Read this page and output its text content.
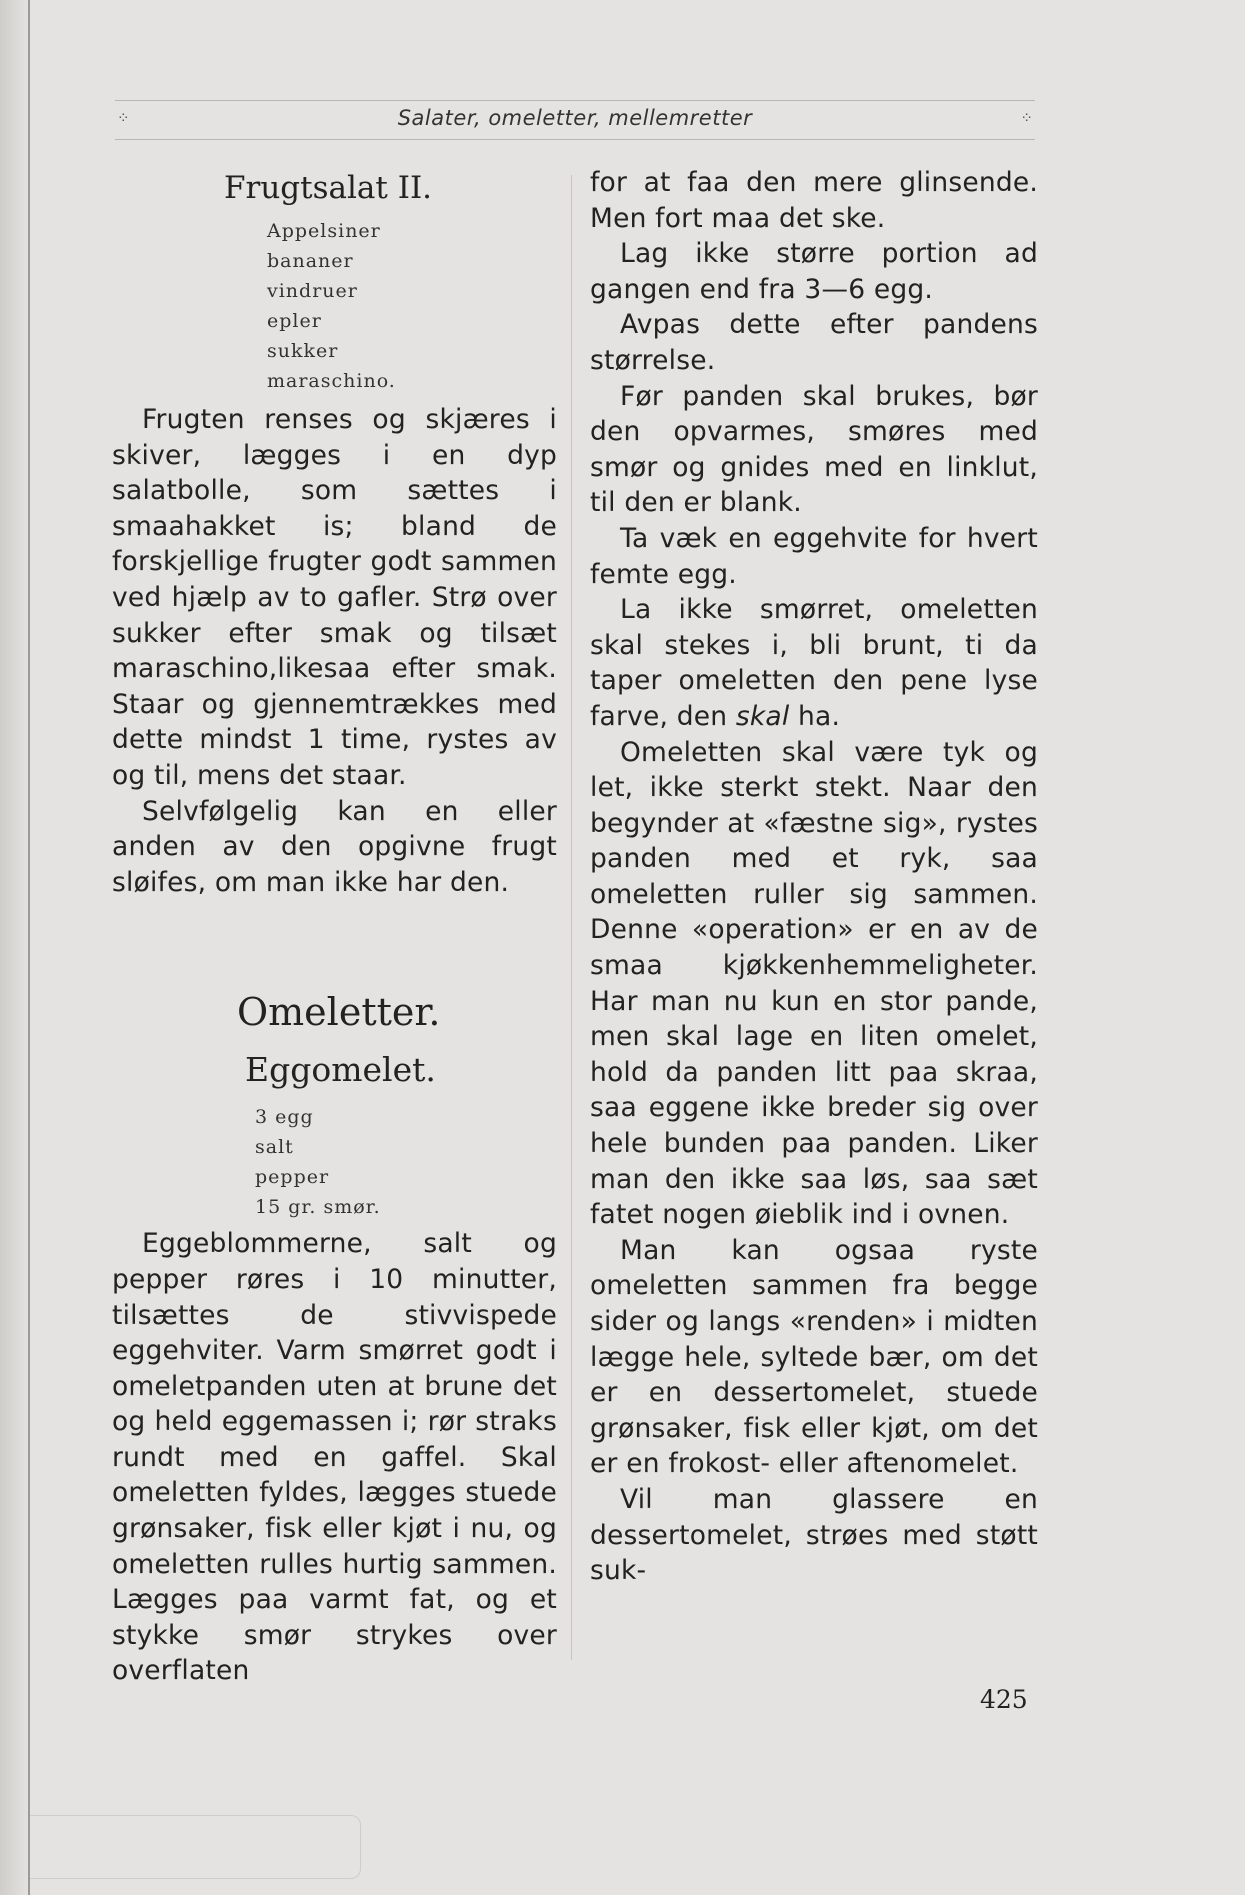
⁘	Salater, omeletter, mellemretter	⁘
Frugtsalat II.
Appelsiner
bananer
vindruer
epler
sukker
maraschino.

Frugten renses og skjæres i skiver, lægges i en dyp salatbolle, som sættes i smaahakket is; bland de forskjellige frugter godt sammen ved hjælp av to gafler. Strø over sukker efter smak og tilsæt maraschino,likesaa efter smak. Staar og gjennemtrækkes med dette mindst 1 time, rystes av og til, mens det staar.

Selvfølgelig kan en eller anden av den opgivne frugt sløifes, om man ikke har den.

Omeletter.
Eggomelet.
3 egg
salt
pepper
15 gr. smør.

Eggeblommerne, salt og pepper røres i 10 minutter, tilsættes de stivvispede eggehviter. Varm smørret godt i omeletpanden uten at brune det og held eggemassen i; rør straks rundt med en gaffel. Skal omeletten fyldes, lægges stuede grønsaker, fisk eller kjøt i nu, og omeletten rulles hurtig sammen. Lægges paa varmt fat, og et stykke smør strykes over overflaten

for at faa den mere glinsende. Men fort maa det ske.

Lag ikke større portion ad gangen end fra 3—6 egg.

Avpas dette efter pandens størrelse.

Før panden skal brukes, bør den opvarmes, smøres med smør og gnides med en linklut, til den er blank.

Ta væk en eggehvite for hvert femte egg.

La ikke smørret, omeletten skal stekes i, bli brunt, ti da taper omeletten den pene lyse farve, den skal ha.

Omeletten skal være tyk og let, ikke sterkt stekt. Naar den begynder at «fæstne sig», rystes panden med et ryk, saa omeletten ruller sig sammen. Denne «operation» er en av de smaa kjøkkenhemmeligheter. Har man nu kun en stor pande, men skal lage en liten omelet, hold da panden litt paa skraa, saa eggene ikke breder sig over hele bunden paa panden. Liker man den ikke saa løs, saa sæt fatet nogen øieblik ind i ovnen.

Man kan ogsaa ryste omeletten sammen fra begge sider og langs «renden» i midten lægge hele, syltede bær, om det er en dessertomelet, stuede grønsaker, fisk eller kjøt, om det er en frokost- eller aftenomelet.

Vil man glassere en dessertomelet, strøes med støtt suk-

425
